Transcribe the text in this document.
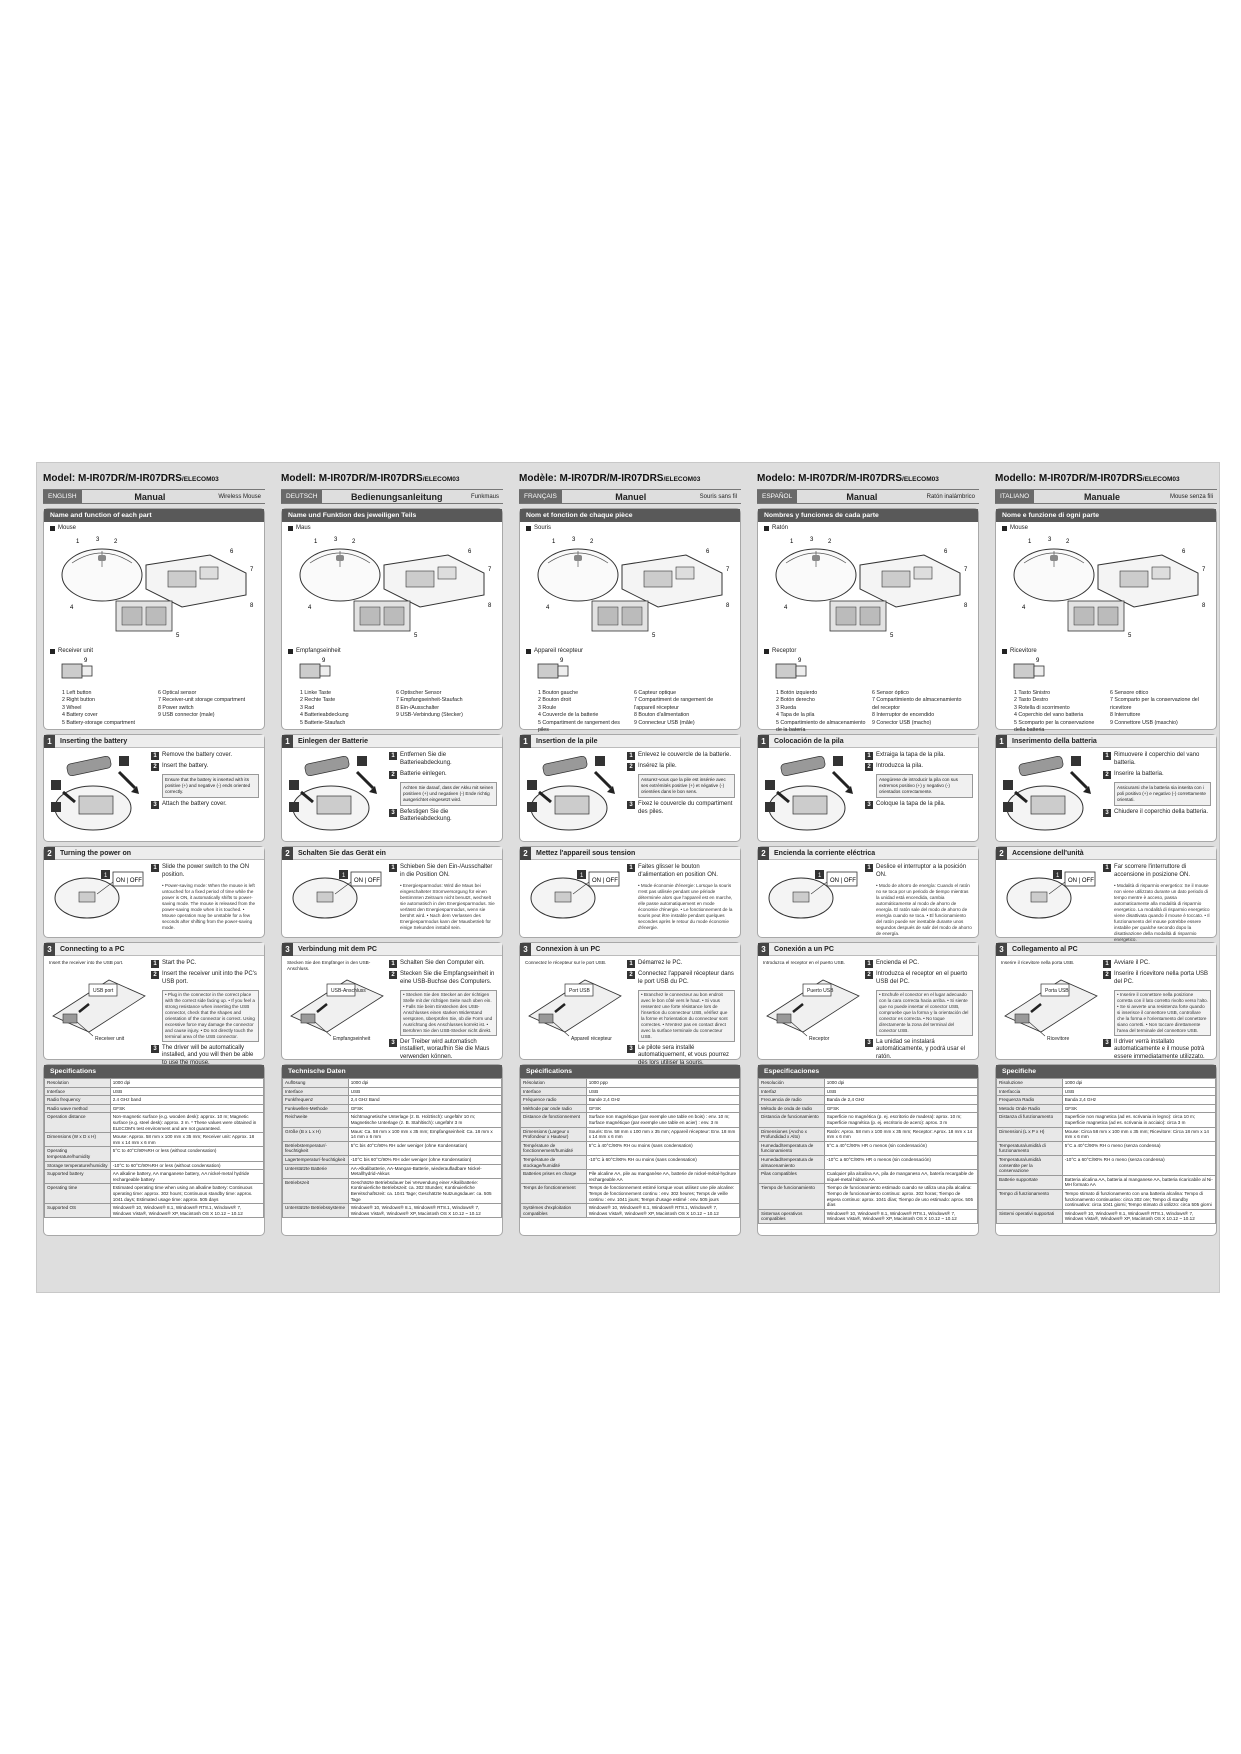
Model: M-IR07DR/M-IR07DRS/ELECOM03
ENGLISH	Manual	Wireless Mouse
Name and function of each part
Mouse
1	3 2
4
6
7
8
5
Receiver unit
9
1 Left button
2 Right button
3 Wheel
4 Battery cover
5 Battery-storage compartment
6 Optical sensor
7 Receiver-unit storage compartment
8 Power switch
9 USB connector (male)
1	Inserting the battery
1 Remove the battery cover.
2 Insert the battery.
Ensure that the battery is inserted with its positive (+) and negative (-) ends oriented correctly.
3 Attach the battery cover.
2	Turning the power on
ON | OFF
1
1 Slide the power switch to the ON position.
• Power-saving mode: When the mouse is left untouched for a fixed period of time while the power is ON, it automatically shifts to power-saving mode. The mouse is released from the power-saving mode when it is touched. • Mouse operation may be unstable for a few seconds after shifting from the power-saving mode.
3	Connecting to a PC
Insert the receiver into the USB port.
USB port
Receiver unit
1 Start the PC.
2 Insert the receiver unit into the PC's USB port.
• Plug in the connector in the correct place with the correct side facing up. • If you feel a strong resistance when inserting the USB connector, check that the shapes and orientation of the connector is correct. Using excessive force may damage the connector and cause injury. • Do not directly touch the terminal area of the USB connector.
3 The driver will be automatically installed, and you will then be able
Specifications
Resolution	1000 dpi
Interface	USB
Radio frequency	2.4 GHz band
Radio wave method	GFSK
Operation distance	Non-magnetic surface (e.g. wooden desk): approx. 10 m; Magnetic surface (e.g. steel desk): approx. 3 m. * These values were obtained in ELECOM's test environment and are not guaranteed.
Dimensions (W x D x H)	Mouse: Approx. 58 mm x 100 mm x 35 mm; Receiver unit: Approx. 18 mm x 14 mm x 6 mm
Operating temperature/humidity	5°C to 40°C/90%RH or less (without condensation)
Storage temperature/humidity	-10°C to 60°C/90%RH or less (without condensation)
Supported battery	AA alkaline battery, AA manganese battery, AA nickel-metal hydride rechargeable battery
Operating time	Estimated operating time when using an alkaline battery: Continuous operating time: approx. 302 hours; Continuous standby time: approx. 1041 days; Estimated usage time: approx. 505 days
Supported OS	Windows® 10, Windows® 8.1, Windows® RT8.1, Windows® 7, Windows Vista®, Windows® XP, Macintosh OS X 10.12 ~ 10.12
Modell: M-IR07DR/M-IR07DRS/ELECOM03
DEUTSCH	Bedienungsanleitung	Funkmaus
Name und Funktion des jeweiligen Teils
Maus
1	3 2
4
6
7
8
5
Empfangseinheit
9
1 Linke Taste
2 Rechte Taste
3 Rad
4 Batterieabdeckung
5 Batterie-Staufach
6 Optischer Sensor
7 Empfangseinheit-Staufach
8 Ein-/Ausschalter
9 USB-Verbindung (Stecker)
1	Einlegen der Batterie
1 Entfernen Sie die Batterieabdeckung.
2 Batterie einlegen.
Achten Sie darauf, dass der Akku mit seinen positiven (+) und negativen (-) Ende richtig ausgerichtet eingesetzt wird.
3 Befestigen Sie die Batterieabdeckung.
2	Schalten Sie das Gerät ein
ON | OFF
1
1 Schieben Sie den Ein-/Ausschalter in die Position ON.
• Energiesparmodus: Wird die Maus bei eingeschalteter Stromversorgung für einen bestimmten Zeitraum nicht benutzt, wechselt sie automatisch in den Energiesparmodus. Sie verlässt den Energiesparmodus, wenn sie berührt wird. • Nach dem Verlassen des Energiesparmodus kann der Mausbetrieb für einige Sekunden instabil sein.
3	Verbindung mit dem PC
Stecken Sie den Empfänger in den USB-Anschluss.
USB-Anschluss
Empfangseinheit
1 Schalten Sie den Computer ein.
2 Stecken Sie die Empfangseinheit in eine USB-Buchse des Computers.
• Stecken Sie den Stecker an der richtigen Stelle mit der richtigen Seite nach oben ein. • Falls Sie beim Einstecken des USB-Anschlusses einen starken Widerstand verspüren, überprüfen Sie, ob die Form und Ausrichtung des Anschlusses korrekt ist. • Berühren Sie den USB-Stecker nicht direkt.
3 Der Treiber wird automatisch installiert, woraufhin Sie die Maus verwenden können.
Technische Daten
Auflösung	1000 dpi
Interface	USB
Funkfrequenz	2,4 GHz Band
Funkwellen-Methode	GFSK
Reichweite	Nichtmagnetische Unterlage (z. B. Holztisch): ungefähr 10 m; Magnetische Unterlage (z. B. Stahltisch): ungefähr 3 m
Größe (B x L x H)	Maus: Ca. 58 mm x 100 mm x 35 mm; Empfangseinheit: Ca. 18 mm x 14 mm x 6 mm
Betriebstemperatur/-feuchtigkeit	5°C bis 40°C/90% RH oder weniger (ohne Kondensation)
Lagertemperatur/-feuchtigkeit	-10°C bis 60°C/90% RH oder weniger (ohne Kondensation)
Unterstützte Batterie	AA-Alkalibatterie, AA-Mangan-Batterie, wiederaufladbare Nickel-Metallhydrid-Akkus
Betriebszeit	Geschätzte Betriebsdauer bei Verwendung einer Alkalibatterie: Kontinuierliche Betriebszeit: ca. 302 Stunden; Kontinuierliche Bereitschaftszeit: ca. 1041 Tage; Geschätzte Nutzungsdauer: ca. 505 Tage
Unterstützte Betriebssysteme	Windows® 10, Windows® 8.1, Windows® RT8.1, Windows® 7, Windows Vista®, Windows® XP, Macintosh OS X 10.12 ~ 10.12
Modèle: M-IR07DR/M-IR07DRS/ELECOM03
FRANÇAIS	Manuel	Souris sans fil
Nom et fonction de chaque pièce
Souris
1	3 2
4
6
7
8
5
Appareil récepteur
9
1 Bouton gauche
2 Bouton droit
3 Roule
4 Couvercle de la batterie
5 Compartiment de rangement des piles
6 Capteur optique
7 Compartiment de rangement de l'appareil récepteur
8 Bouton d'alimentation
9 Connecteur USB (mâle)
1	Insertion de la pile
1 Enlevez le couvercle de la batterie.
2 Insérez la pile.
Assurez-vous que la pile est insérée avec ses extrémités positive (+) et négative (-) orientées dans le bon sens.
3 Fixez le couvercle du compartiment des piles.
2	Mettez l'appareil sous tension
ON | OFF
1
1 Faites glisser le bouton d'alimentation en position ON.
• Mode économie d'énergie: Lorsque la souris n'est pas utilisée pendant une période déterminée alors que l'appareil est en marche, elle passe automatiquement en mode économie d'énergie. • Le fonctionnement de la souris peut être instable pendant quelques secondes après le retour du mode économie d'énergie.
3	Connexion à un PC
Connectez le récepteur sur le port USB.
Port USB
Appareil récepteur
1 Démarrez le PC.
2 Connectez l'appareil récepteur dans le port USB du PC.
• Branchez le connecteur au bon endroit avec le bon côté vers le haut. • Si vous ressentez une forte résistance lors de l'insertion du connecteur USB, vérifiez que la forme et l'orientation du connecteur sont correctes. • N'entrez pas en contact direct avec la surface terminale du connecteur USB.
3 Le pilote sera installé automatiquement, et vous pourrez
Spécifications
Résolution	1000 ppp
Interface	USB
Fréquence radio	Bande 2,4 GHz
Méthode par onde radio	GFSK
Distance de fonctionnement	Surface non magnétique (par exemple une table en bois) : env. 10 m; Surface magnétique (par exemple une table en acier) : env. 3 m
Dimensions (Largeur x Profondeur x Hauteur)	Souris: Env. 58 mm x 100 mm x 35 mm; Appareil récepteur: Env. 18 mm x 14 mm x 6 mm
Température de fonctionnement/humidité	5°C à 40°C/90% RH ou moins (sans condensation)
Température de stockage/humidité	-10°C à 60°C/90% RH ou moins (sans condensation)
Batteries prises en charge	Pile alcaline AA, pile au manganèse AA, batterie de nickel-métal-hydrure rechargeable AA
Temps de fonctionnement	Temps de fonctionnement estimé lorsque vous utilisez une pile alcaline: Temps de fonctionnement continu : env. 302 heures; Temps de veille continu : env. 1041 jours; Temps d'usage estimé : env. 505 jours
Systèmes d'exploitation compatibles	Windows® 10, Windows® 8.1, Windows® RT8.1, Windows® 7, Windows Vista®, Windows® XP, Macintosh OS X 10.12 ~ 10.12
Modelo: M-IR07DR/M-IR07DRS/ELECOM03
ESPAÑOL	Manual	Ratón inalámbrico
Nombres y funciones de cada parte
Ratón
1	3 2
4
6
7
8
5
Receptor
9
1 Botón izquierdo
2 Botón derecho
3 Rueda
4 Tapa de la pila
5 Compartimiento de almacenamiento de la batería
6 Sensor óptico
7 Compartimiento de almacenamiento del receptor
8 Interruptor de encendido
9 Conector USB (macho)
1	Colocación de la pila
1 Extraiga la tapa de la pila.
2 Introduzca la pila.
Asegúrese de introducir la pila con sus extremos positivo (+) y negativo (-) orientados correctamente.
3 Coloque la tapa de la pila.
2	Encienda la corriente eléctrica
ON | OFF
1
1 Deslice el interruptor a la posición ON.
• Modo de ahorro de energía: Cuando el ratón no se toca por un periodo de tiempo mientras la unidad está encendida, cambia automáticamente al modo de ahorro de energía. El ratón sale del modo de ahorro de energía cuando se toca. • El funcionamiento del ratón puede ser inestable durante unos segundos después de salir del modo de ahorro de energía.
3	Conexión a un PC
Introduzca el receptor en el puerto USB.
Puerto USB
Receptor
1 Encienda el PC.
2 Introduzca el receptor en el puerto USB del PC.
• Enchufe el conector en el lugar adecuado con la cara correcta hacia arriba. • Si siente que no puede insertar el conector USB, compruebe que la forma y la orientación del conector es correcta. • No toque directamente la zona del terminal del conector USB.
3 La unidad se instalará automáticamente, y podrá usar el ratón.
Especificaciones
Resolución	1000 dpi
Interfaz	USB
Frecuencia de radio	Banda de 2,4 GHz
Método de onda de radio	GFSK
Distancia de funcionamiento	Superficie no magnética (p. ej. escritorio de madera): aprox. 10 m; Superficie magnética (p. ej. escritorio de acero): aprox. 3 m
Dimensiones (Ancho x Profundidad x Alto)	Ratón: Aprox. 58 mm x 100 mm x 35 mm; Receptor: Aprox. 18 mm x 14 mm x 6 mm
Humedad/temperatura de funcionamiento	5°C a 40°C/90% HR o menos (sin condensación)
Humedad/temperatura de almacenamiento	-10°C a 60°C/90% HR o menos (sin condensación)
Pilas compatibles	Cualquier pila alcalina AA, pila de manganeso AA, batería recargable de níquel-metal hidruro AA
Tiempo de funcionamiento	Tiempo de funcionamiento estimado cuando se utiliza una pila alcalina: Tiempo de funcionamiento continuo: aprox. 302 horas; Tiempo de espera continuo: aprox. 1041 días; Tiempo de uso estimado: aprox. 505 días
Sistemas operativos compatibles	Windows® 10, Windows® 8.1, Windows® RT8.1, Windows® 7, Windows Vista®, Windows® XP, Macintosh OS X 10.12 ~ 10.12
Modello: M-IR07DR/M-IR07DRS/ELECOM03
ITALIANO	Manuale	Mouse senza fili
Nome e funzione di ogni parte
Mouse
1	3 2
4
6
7
8
5
Ricevitore
9
1 Tasto Sinistro
2 Tasto Destro
3 Rotella di scorrimento
4 Coperchio del vano batteria
5 Scomparto per la conservazione della batteria
6 Sensore ottico
7 Scomparto per la conservazione del ricevitore
8 Interruttore
9 Connettore USB (maschio)
1	Inserimento della batteria
1 Rimuovere il coperchio del vano batteria.
2 Inserire la batteria.
Assicurarsi che la batteria sia inserita con i poli positivo (+) e negativo (-) correttamente orientati.
3 Chiudere il coperchio della batteria.
2	Accensione dell'unità
ON | OFF
1
1 Far scorrere l'interruttore di accensione in posizione ON.
• Modalità di risparmio energetico: Se il mouse non viene utilizzato durante un dato periodo di tempo mentre è acceso, passa automaticamente alla modalità di risparmio energetico. La modalità di risparmio energetico viene disattivata quando il mouse è toccato. • Il funzionamento del mouse potrebbe essere instabile per qualche secondo dopo la disattivazione della modalità di risparmio energetico.
3	Collegamento al PC
Inserire il ricevitore nella porta USB.
Porta USB
Ricevitore
1 Avviare il PC.
2 Inserire il ricevitore nella porta USB del PC.
• Inserire il connettore nella posizione corretta con il lato corretto rivolto verso l'alto. • Se si avverte una resistenza forte quando si inserisce il connettore USB, controllare che la forma e l'orientamento del connettore siano corretti. • Non toccare direttamente l'area del terminale del connettore USB.
3 Il driver verrà installato automaticamente e il mouse potrà essere immediatamente utilizzato.
Specifiche
Risoluzione	1000 dpi
Interfaccia	USB
Frequenza Radio	Banda 2,4 GHz
Metodo Onde Radio	GFSK
Distanza di funzionamento	Superficie non magnetica (ad es. scrivania in legno): circa 10 m; Superficie magnetica (ad es. scrivania in acciaio): circa 3 m
Dimensioni (L x P x H)	Mouse: Circa 58 mm x 100 mm x 35 mm; Ricevitore: Circa 18 mm x 14 mm x 6 mm
Temperatura/umidità di funzionamento	5°C a 40°C/90% RH o meno (senza condensa)
Temperatura/umidità consentite per la conservazione	-10°C a 60°C/90% RH o meno (senza condensa)
Batterie supportate	Batteria alcalina AA, batteria al manganese AA, batteria ricaricabile al Ni-MH formato AA
Tempo di funzionamento	Tempo stimato di funzionamento con una batteria alcalina: Tempo di funzionamento continuativo: circa 302 ore; Tempo di standby continuativo: circa 1041 giorni; Tempo stimato di utilizzo: circa 505 giorni
Sistemi operativi supportati	Windows® 10, Windows® 8.1, Windows® RT8.1, Windows® 7, Windows Vista®, Windows® XP, Macintosh OS X 10.12 ~ 10.12
